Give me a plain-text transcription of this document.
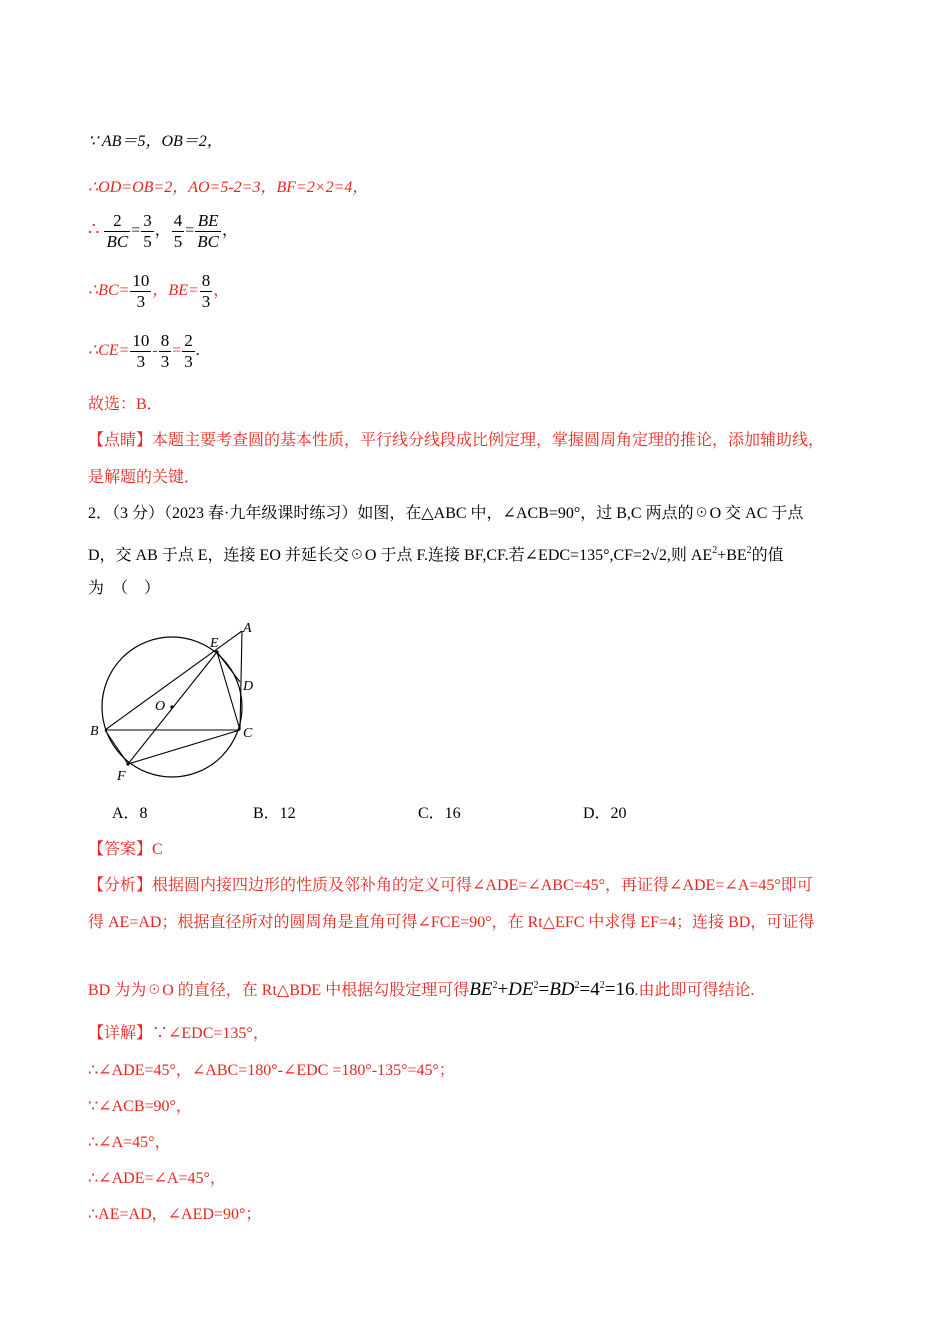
∵ AB＝5，OB＝2，
∴OD=OB=2，AO=5-2=3，BF=2×2=4，
∴ $\frac{2}{BC} = \frac{3}{5}$ ， $\frac{4}{5} = \frac{BE}{BC}$ ，
∴BC= $\frac{10}{3}$ ，$BE= \frac{8}{3}$ ，
∴CE= $\frac{10}{3} - \frac{8}{3} = \frac{2}{3}$ .
故选：B．
【点睛】本题主要考查圆的基本性质，平行线分线段成比例定理，掌握圆周角定理的推论，添加辅助线，
是解题的关键．
2．（3 分）（2023 春·九年级课时练习）如图，在△ABC 中，∠ACB=90°，过 B,C 两点的☉O 交 AC 于点
D，交 AB 于点 E，连接 EO 并延长交☉O 于点 F.连接 BF,CF.若∠EDC=135°,CF=2√2,则 $AE^2+BE^2$的值
为　（　）
A
E
D
O
B	C
F
A．8	B．12	C．16	D．20
【答案】C
【分析】根据圆内接四边形的性质及邻补角的定义可得∠ADE=∠ABC=45°，再证得∠ADE=∠A=45°即可
得 AE=AD；根据直径所对的圆周角是直角可得∠FCE=90°，在 Rt△EFC 中求得 EF=4；连接 BD，可证得
BD 为为☉O 的直径，在 Rt△BDE 中根据勾股定理可得$BE^2+DE^2=BD^2=4^2=16$.由此即可得结论.
【详解】∵∠EDC=135°，
∴∠ADE=45°，∠ABC=180°-∠EDC =180°-135°=45°；
∵∠ACB=90°，
∴∠A=45°，
∴∠ADE=∠A=45°，
∴AE=AD，∠AED=90°；
